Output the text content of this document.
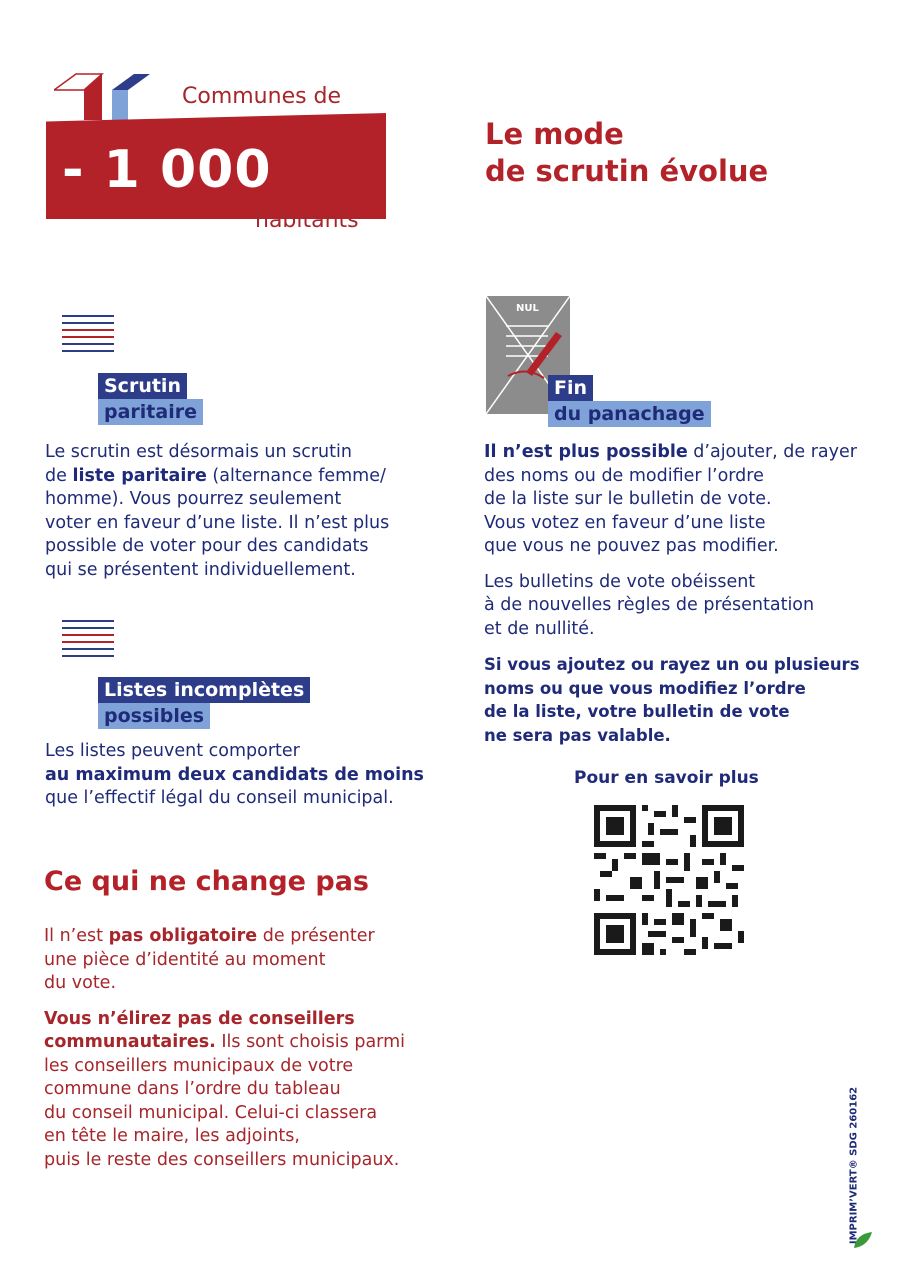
- 1 000
Communes de
habitants
Le mode
de scrutin évolue
Scrutin
paritaire
Le scrutin est désormais un scrutin
de liste paritaire (alternance femme/
homme). Vous pourrez seulement
voter en faveur d’une liste. Il n’est plus
possible de voter pour des candidats
qui se présentent individuellement.
Listes incomplètes
possibles
Les listes peuvent comporter
au maximum deux candidats de moins
que l’effectif légal du conseil municipal.
Ce qui ne change pas

Il n’est pas obligatoire de présenter
une pièce d’identité au moment
du vote.

Vous n’élirez pas de conseillers
communautaires. Ils sont choisis parmi
les conseillers municipaux de votre
commune dans l’ordre du tableau
du conseil municipal. Celui-ci classera
en tête le maire, les adjoints,
puis le reste des conseillers municipaux.

NUL
Fin
du panachage

Il n’est plus possible d’ajouter, de rayer
des noms ou de modifier l’ordre
de la liste sur le bulletin de vote.
Vous votez en faveur d’une liste
que vous ne pouvez pas modifier.

Les bulletins de vote obéissent
à de nouvelles règles de présentation
et de nullité.

Si vous ajoutez ou rayez un ou plusieurs
noms ou que vous modifiez l’ordre
de la liste, votre bulletin de vote
ne sera pas valable.

Pour en savoir plus
IMPRIM’VERT® SDG 260162
